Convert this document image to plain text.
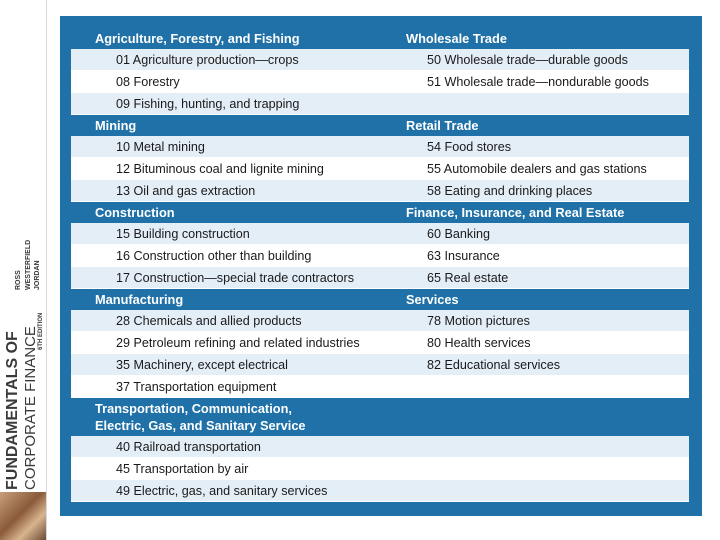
FUNDAMENTALS OF CORPORATE FINANCE 6TH EDITION
ROSS WESTERFIELD JORDAN
Agriculture, Forestry, and Fishing	Wholesale Trade
01 Agriculture production—crops	50 Wholesale trade—durable goods
08 Forestry	51 Wholesale trade—nondurable goods
09 Fishing, hunting, and trapping	
Mining	Retail Trade
10 Metal mining	54 Food stores
12 Bituminous coal and lignite mining	55 Automobile dealers and gas stations
13 Oil and gas extraction	58 Eating and drinking places
Construction	Finance, Insurance, and Real Estate
15 Building construction	60 Banking
16 Construction other than building	63 Insurance
17 Construction—special trade contractors	65 Real estate
Manufacturing	Services
28 Chemicals and allied products	78 Motion pictures
29 Petroleum refining and related industries	80 Health services
35 Machinery, except electrical	82 Educational services
37 Transportation equipment	
Transportation, Communication,
Electric, Gas, and Sanitary Service	
40 Railroad transportation	
45 Transportation by air	
49 Electric, gas, and sanitary services	
